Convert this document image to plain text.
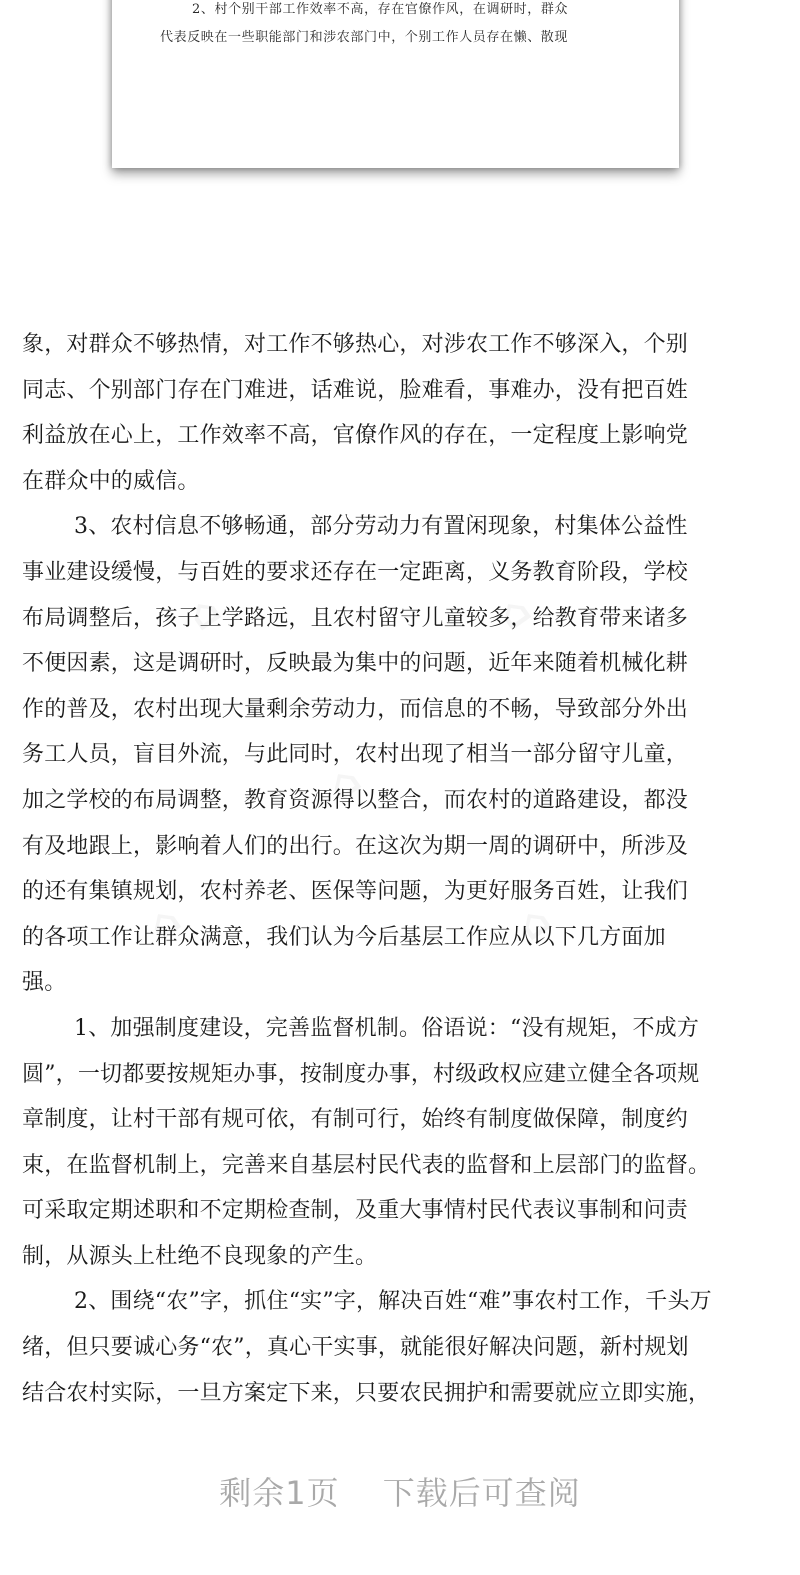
2、村个别干部工作效率不高，存在官僚作风，在调研时，群众
代表反映在一些职能部门和涉农部门中，个别工作人员存在懒、散现
象，对群众不够热情，对工作不够热心，对涉农工作不够深入，个别
同志、个别部门存在门难进，话难说，脸难看，事难办，没有把百姓
利益放在心上，工作效率不高，官僚作风的存在，一定程度上影响党
在群众中的威信。
3、农村信息不够畅通，部分劳动力有置闲现象，村集体公益性
事业建设缓慢，与百姓的要求还存在一定距离，义务教育阶段，学校
布局调整后，孩子上学路远，且农村留守儿童较多，给教育带来诸多
不便因素，这是调研时，反映最为集中的问题，近年来随着机械化耕
作的普及，农村出现大量剩余劳动力，而信息的不畅，导致部分外出
务工人员，盲目外流，与此同时，农村出现了相当一部分留守儿童，
加之学校的布局调整，教育资源得以整合，而农村的道路建设，都没
有及地跟上，影响着人们的出行。在这次为期一周的调研中，所涉及
的还有集镇规划，农村养老、医保等问题，为更好服务百姓，让我们
的各项工作让群众满意，我们认为今后基层工作应从以下几方面加
强。
1、加强制度建设，完善监督机制。俗语说：“没有规矩，不成方
圆”，一切都要按规矩办事，按制度办事，村级政权应建立健全各项规
章制度，让村干部有规可依，有制可行，始终有制度做保障，制度约
束，在监督机制上，完善来自基层村民代表的监督和上层部门的监督。
可采取定期述职和不定期检查制，及重大事情村民代表议事制和问责
制，从源头上杜绝不良现象的产生。
2、围绕“农”字，抓住“实”字，解决百姓“难”事农村工作，千头万
绪，但只要诚心务“农”，真心干实事，就能很好解决问题，新村规划
结合农村实际，一旦方案定下来，只要农民拥护和需要就应立即实施，
剩余1页 下载后可查阅
